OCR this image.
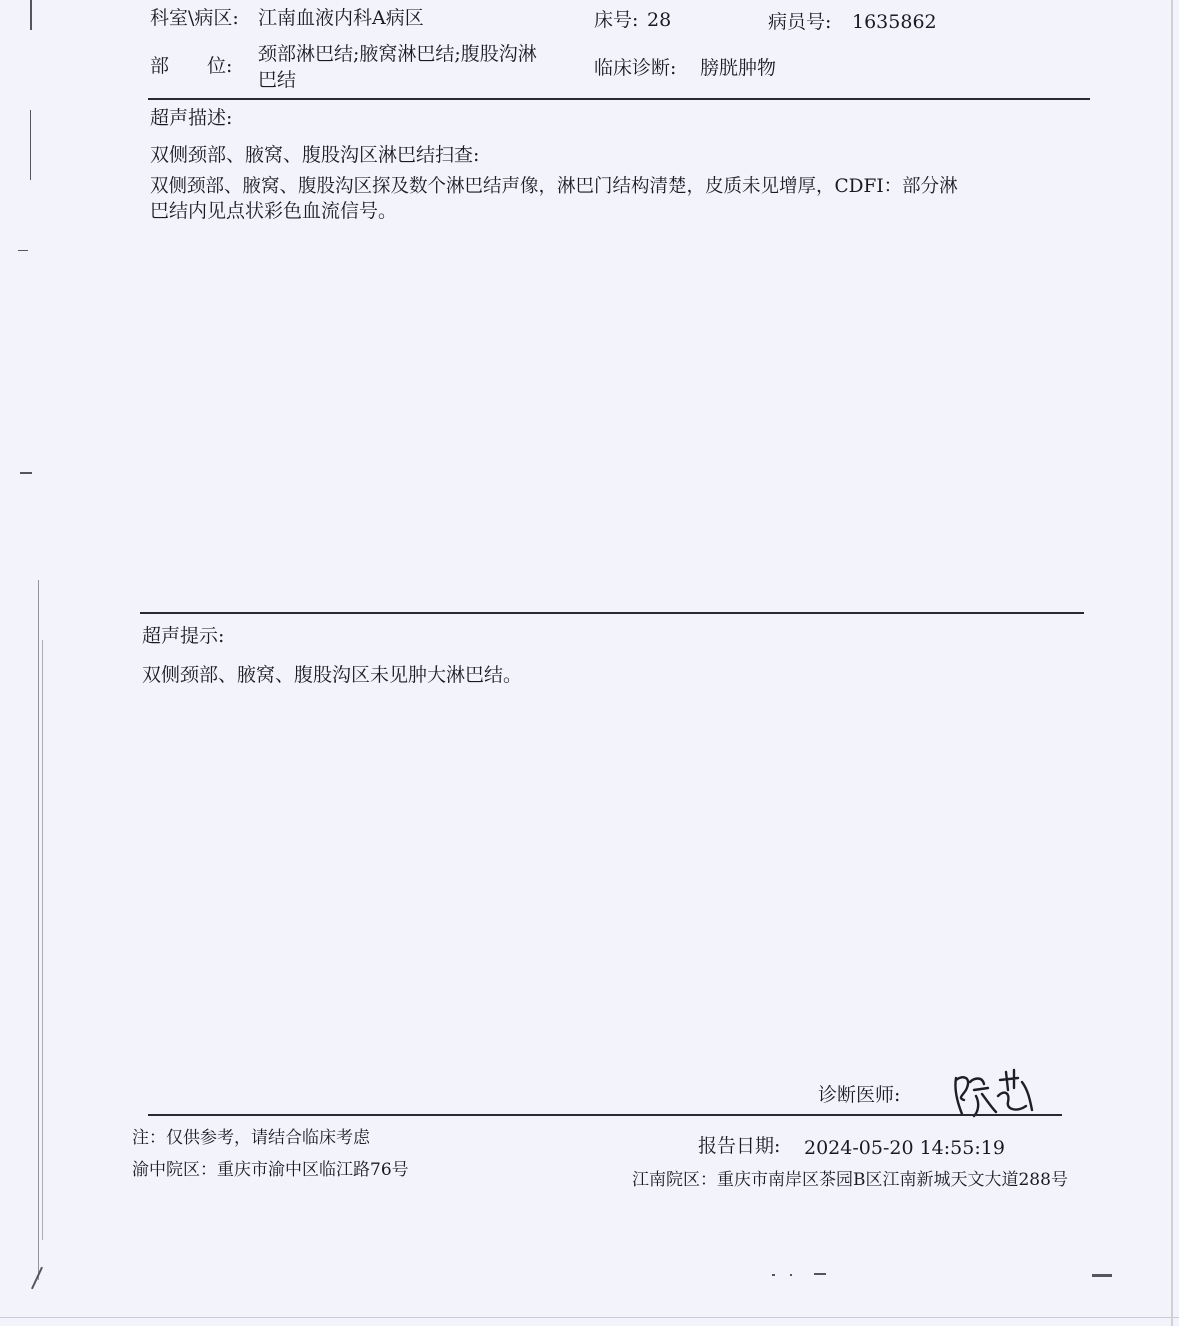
科室\病区: 江南血液内科A病区	床号: 28	病员号: 1635862
部　　位:
颈部淋巴结;腋窝淋巴结;腹股沟淋
巴结
临床诊断: 膀胱肿物
超声描述:
双侧颈部、腋窝、腹股沟区淋巴结扫查:
双侧颈部、腋窝、腹股沟区探及数个淋巴结声像，淋巴门结构清楚，皮质未见增厚，CDFI：部分淋
巴结内见点状彩色血流信号。
超声提示:
双侧颈部、腋窝、腹股沟区未见肿大淋巴结。
诊断医师:
注：仅供参考，请结合临床考虑	报告日期: 2024-05-20 14:55:19
渝中院区：重庆市渝中区临江路76号	江南院区：重庆市南岸区茶园B区江南新城天文大道288号
